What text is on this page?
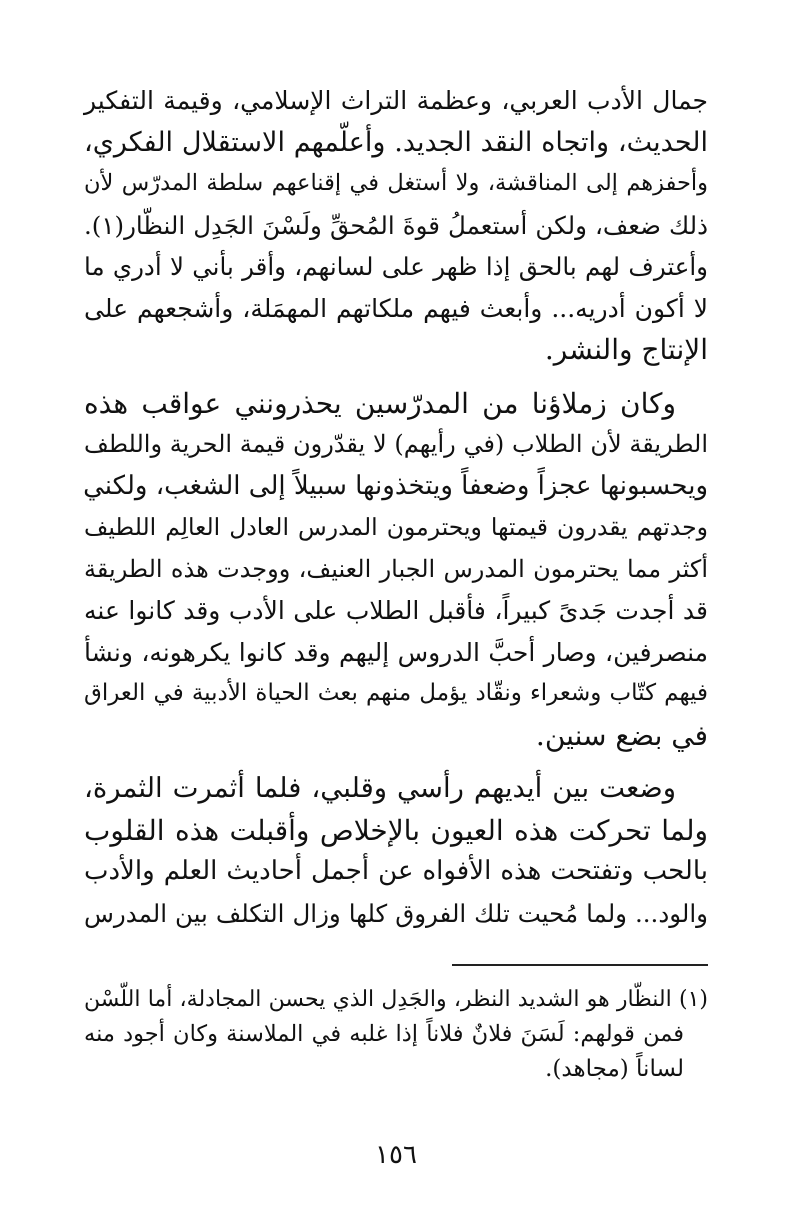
جمال الأدب العربي، وعظمة التراث الإسلامي، وقيمة التفكير
الحديث، واتجاه النقد الجديد. وأعلّمهم الاستقلال الفكري،
وأحفزهم إلى المناقشة، ولا أستغل في إقناعهم سلطة المدرّس لأن
ذلك ضعف، ولكن أستعملُ قوةَ المُحقِّ ولَسْنَ الجَدِل النظّار(١).
وأعترف لهم بالحق إذا ظهر على لسانهم، وأقر بأني لا أدري ما
لا أكون أدريه... وأبعث فيهم ملكاتهم المهمَلة، وأشجعهم على
الإنتاج والنشر.

وكان زملاؤنا من المدرّسين يحذرونني عواقب هذه
الطريقة لأن الطلاب (في رأيهم) لا يقدّرون قيمة الحرية واللطف
ويحسبونها عجزاً وضعفاً ويتخذونها سبيلاً إلى الشغب، ولكني
وجدتهم يقدرون قيمتها ويحترمون المدرس العادل العالِم اللطيف
أكثر مما يحترمون المدرس الجبار العنيف، ووجدت هذه الطريقة
قد أجدت جَدىً كبيراً، فأقبل الطلاب على الأدب وقد كانوا عنه
منصرفين، وصار أحبَّ الدروس إليهم وقد كانوا يكرهونه، ونشأ
فيهم كتّاب وشعراء ونقّاد يؤمل منهم بعث الحياة الأدبية في العراق
في بضع سنين.

وضعت بين أيديهم رأسي وقلبي، فلما أثمرت الثمرة،
ولما تحركت هذه العيون بالإخلاص وأقبلت هذه القلوب
بالحب وتفتحت هذه الأفواه عن أجمل أحاديث العلم والأدب
والود... ولما مُحيت تلك الفروق كلها وزال التكلف بين المدرس

(١) النظّار هو الشديد النظر، والجَدِل الذي يحسن المجادلة، أما اللّسْن
فمن قولهم: لَسَنَ فلانٌ فلاناً إذا غلبه في الملاسنة وكان أجود منه
لساناً (مجاهد).
١٥٦
